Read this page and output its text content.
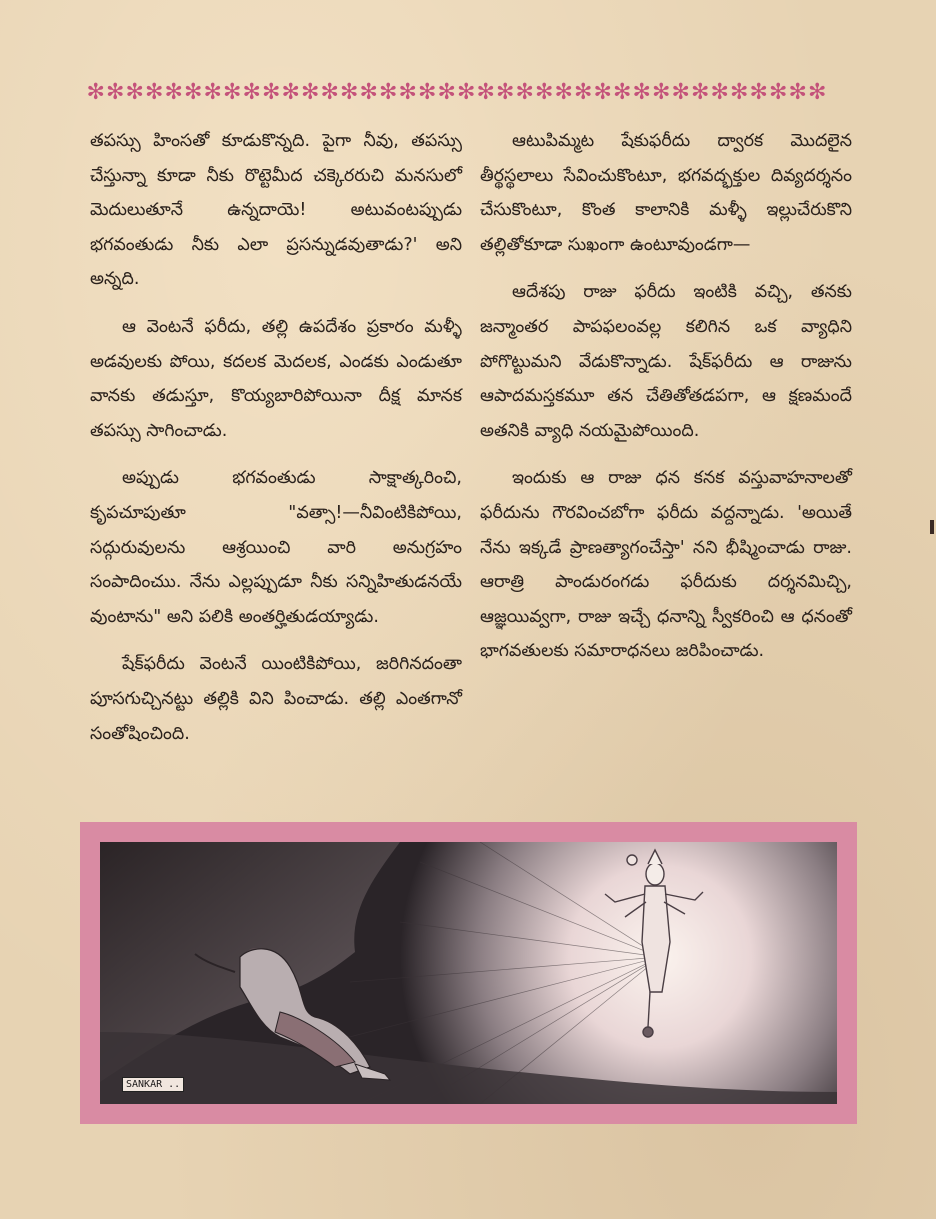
✻✻✻✻✻✻✻✻✻✻✻✻✻✻✻✻✻✻✻✻✻✻✻✻✻✻✻✻✻✻✻✻✻✻✻✻✻✻

తపస్సు హింసతో కూడుకొన్నది. పైగా నీవు, తపస్సు చేస్తున్నా కూడా నీకు రొట్టెమీద చక్కెరరుచి మనసులో మెదులుతూనే ఉన్నదాయె! అటువంటప్పుడు భగవంతుడు నీకు ఎలా ప్రసన్నుడవుతాడు?' అని అన్నది.

ఆ వెంటనే ఫరీదు, తల్లి ఉపదేశం ప్రకారం మళ్ళీ అడవులకు పోయి, కదలక మెదలక, ఎండకు ఎండుతూ వానకు తడుస్తూ, కొయ్యబారిపోయినా దీక్ష మానక తపస్సు సాగించాడు.

అప్పుడు భగవంతుడు సాక్షాత్కరించి, కృపచూపుతూ "వత్సా!—నీవింటికిపోయి, సద్గురువులను ఆశ్రయించి వారి అనుగ్రహం సంపాదించుు. నేను ఎల్లప్పుడూ నీకు సన్నిహితుడనయే వుంటాను" అని పలికి అంతర్హితుడయ్యాడు.

షేక్‌ఫరీదు వెంటనే యింటికిపోయి, జరిగినదంతా పూసగుచ్చినట్టు తల్లికి విని పించాడు. తల్లి ఎంతగానో సంతోషించింది.

ఆటుపిమ్మట షేకుఫరీదు ద్వారక మొదలైన తీర్థస్థలాలు సేవించుకొంటూ, భగవద్భక్తుల దివ్యదర్శనం చేసుకొంటూ, కొంత కాలానికి మళ్ళీ ఇల్లుచేరుకొని తల్లితోకూడా సుఖంగా ఉంటూవుండగా—

ఆదేశపు రాజు ఫరీదు ఇంటికి వచ్చి, తనకు జన్మాంతర పాపఫలంవల్ల కలిగిన ఒక వ్యాధిని పోగొట్టుమని వేడుకొన్నాడు. షేక్‌ఫరీదు ఆ రాజును ఆపాదమస్తకమూ తన చేతితోతడపగా, ఆ క్షణమందే అతనికి వ్యాధి నయమైపోయింది.

ఇందుకు ఆ రాజు ధన కనక వస్తువాహనాలతో ఫరీదును గౌరవించబోగా ఫరీదు వద్దన్నాడు. 'అయితే నేను ఇక్కడే ప్రాణత్యాగంచేస్తా' నని భీష్మించాడు రాజు. ఆరాత్రి పాండురంగడు ఫరీదుకు దర్శనమిచ్చి, ఆజ్ఞయివ్వగా, రాజు ఇచ్చే ధనాన్ని స్వీకరించి ఆ ధనంతో భాగవతులకు సమారాధనలు జరిపించాడు.

SANKAR ..
